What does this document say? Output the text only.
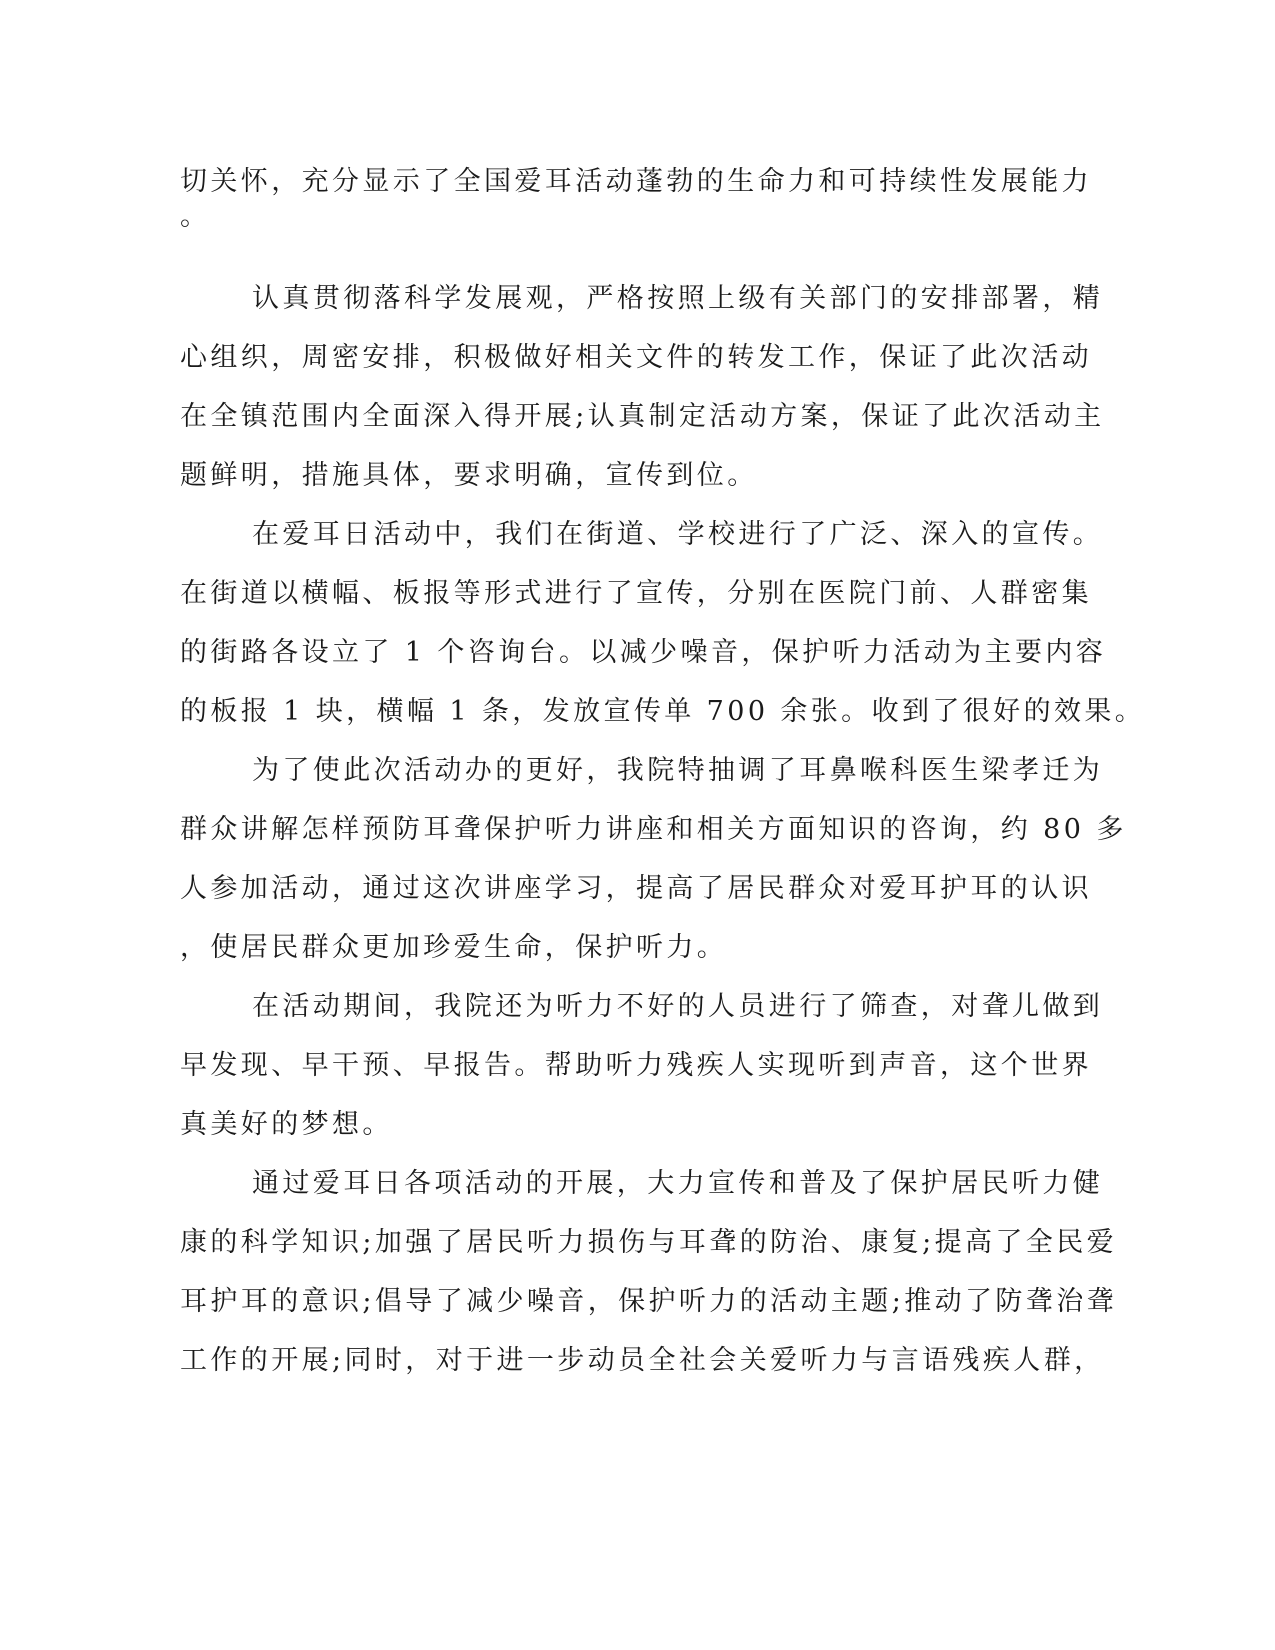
切关怀，充分显示了全国爱耳活动蓬勃的生命力和可持续性发展能力
。
认真贯彻落科学发展观，严格按照上级有关部门的安排部署，精
心组织，周密安排，积极做好相关文件的转发工作，保证了此次活动
在全镇范围内全面深入得开展;认真制定活动方案，保证了此次活动主
题鲜明，措施具体，要求明确，宣传到位。
在爱耳日活动中，我们在街道、学校进行了广泛、深入的宣传。
在街道以横幅、板报等形式进行了宣传，分别在医院门前、人群密集
的街路各设立了 1 个咨询台。以减少噪音，保护听力活动为主要内容
的板报 1 块，横幅 1 条，发放宣传单 700 余张。收到了很好的效果。
为了使此次活动办的更好，我院特抽调了耳鼻喉科医生梁孝迁为
群众讲解怎样预防耳聋保护听力讲座和相关方面知识的咨询，约 80 多
人参加活动，通过这次讲座学习，提高了居民群众对爱耳护耳的认识
，使居民群众更加珍爱生命，保护听力。
在活动期间，我院还为听力不好的人员进行了筛查，对聋儿做到
早发现、早干预、早报告。帮助听力残疾人实现听到声音，这个世界
真美好的梦想。
通过爱耳日各项活动的开展，大力宣传和普及了保护居民听力健
康的科学知识;加强了居民听力损伤与耳聋的防治、康复;提高了全民爱
耳护耳的意识;倡导了减少噪音，保护听力的活动主题;推动了防聋治聋
工作的开展;同时，对于进一步动员全社会关爱听力与言语残疾人群，
